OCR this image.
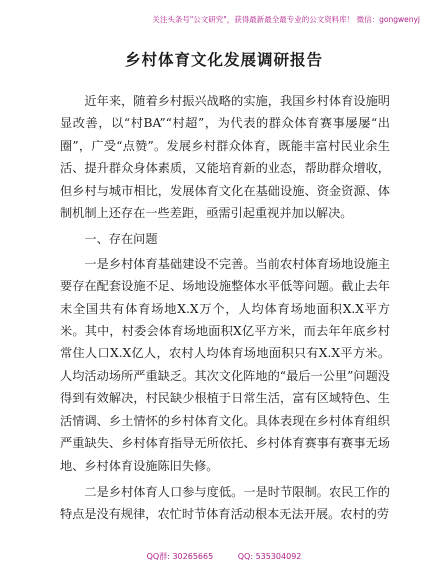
关注头条号"公文研究"，获得最新最全最专业的公文资料库！ 微信：gongwenyj
乡村体育文化发展调研报告

近年来，随着乡村振兴战略的实施，我国乡村体育设施明显改善，以“村BA”“村超”，为代表的群众体育赛事屡屡“出圈”，广受“点赞”。发展乡村群众体育，既能丰富村民业余生活、提升群众身体素质，又能培育新的业态，帮助群众增收，但乡村与城市相比，发展体育文化在基础设施、资金资源、体制机制上还存在一些差距，亟需引起重视并加以解决。

一、存在问题

一是乡村体育基础建设不完善。当前农村体育场地设施主要存在配套设施不足、场地设施整体水平低等问题。截止去年末全国共有体育场地X.X万个，人均体育场地面积X.X平方米。其中，村委会体育场地面积X亿平方米，而去年年底乡村常住人口X.X亿人，农村人均体育场地面积只有X.X平方米。人均活动场所严重缺乏。其次文化阵地的“最后一公里”问题没得到有效解决，村民缺少根植于日常生活，富有区域特色、生活情调、乡土情怀的乡村体育文化。具体表现在乡村体育组织严重缺失、乡村体育指导无所依托、乡村体育赛事有赛事无场地、乡村体育设施陈旧失修。

二是乡村体育人口参与度低。一是时节限制。农民工作的特点是没有规律，农忙时节体育活动根本无法开展。农村的劳

QQ群: 30265665	QQ: 535304092
